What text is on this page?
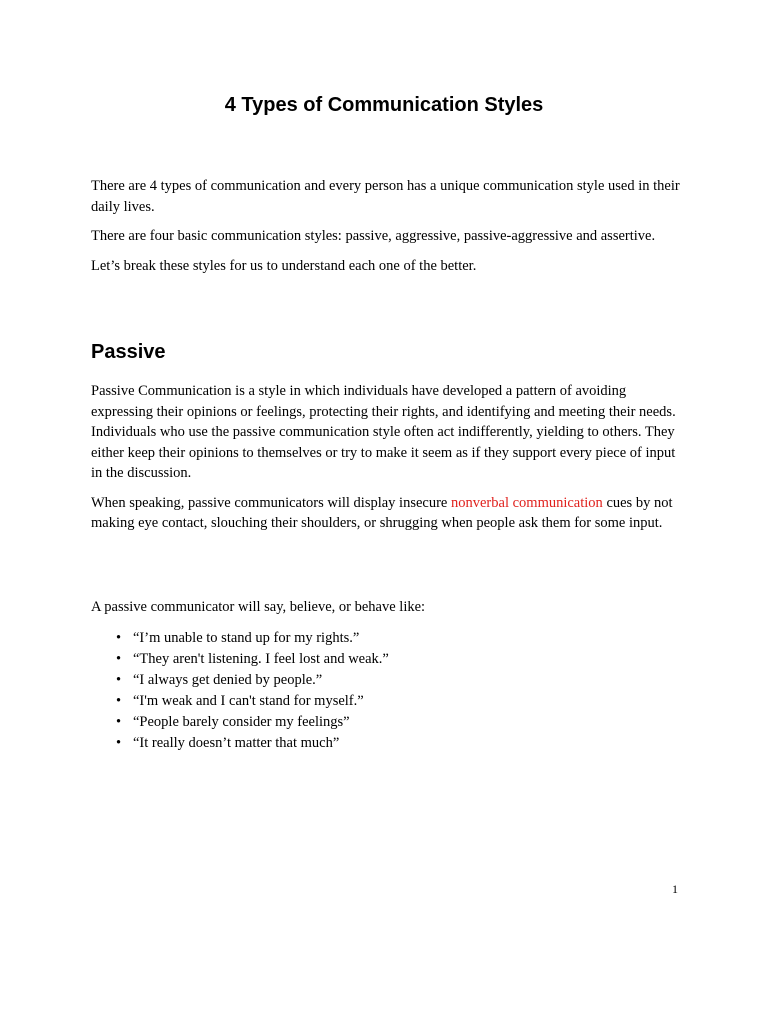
4 Types of Communication Styles

There are 4 types of communication and every person has a unique communication style used in their daily lives.

There are four basic communication styles: passive, aggressive, passive-aggressive and assertive.

Let’s break these styles for us to understand each one of the better.

Passive

Passive Communication is a style in which individuals have developed a pattern of avoiding expressing their opinions or feelings, protecting their rights, and identifying and meeting their needs. Individuals who use the passive communication style often act indifferently, yielding to others. They either keep their opinions to themselves or try to make it seem as if they support every piece of input in the discussion.

When speaking, passive communicators will display insecure nonverbal communication cues by not making eye contact, slouching their shoulders, or shrugging when people ask them for some input.

A passive communicator will say, believe, or behave like:

• “I’m unable to stand up for my rights.”
• “They aren't listening. I feel lost and weak.”
• “I always get denied by people.”
• “I'm weak and I can't stand for myself.”
• “People barely consider my feelings”
• “It really doesn’t matter that much”
1
